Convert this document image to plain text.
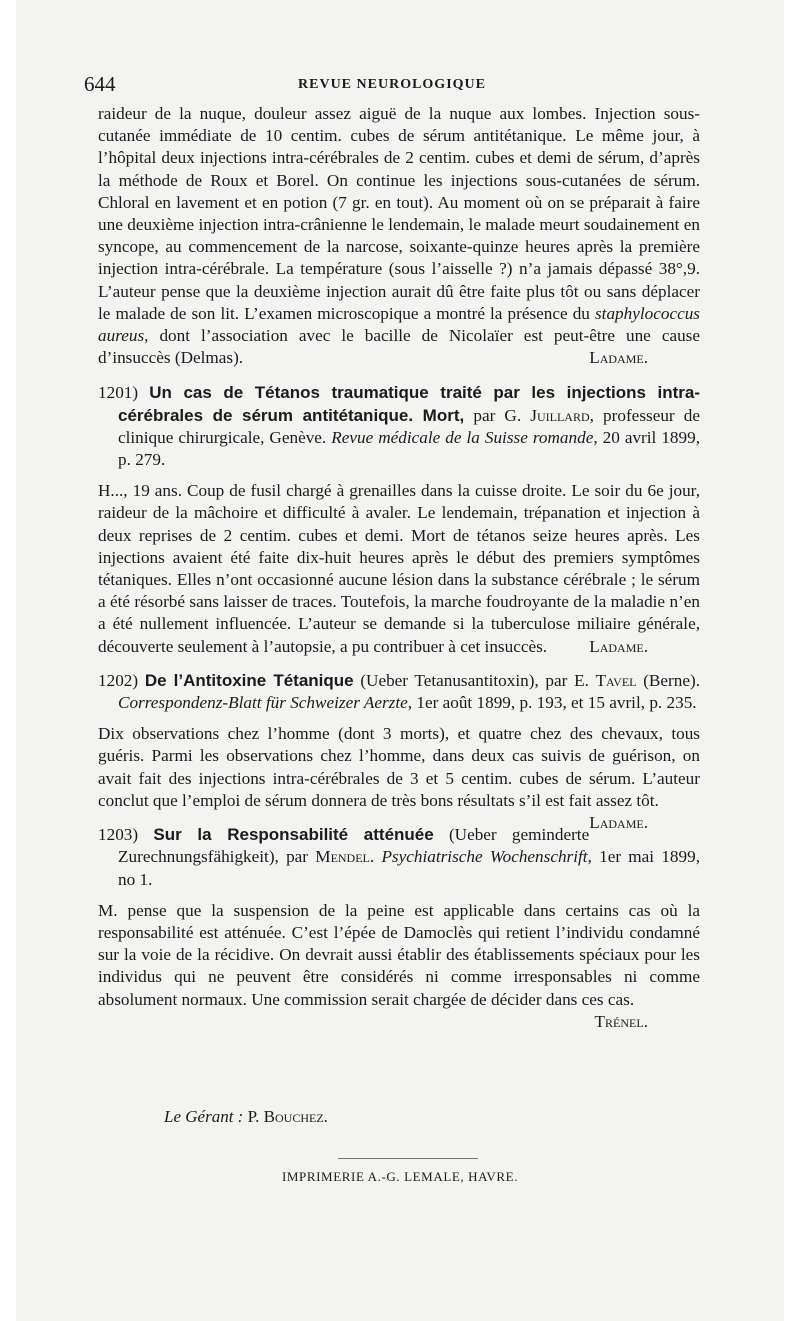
644	REVUE NEUROLOGIQUE

raideur de la nuque, douleur assez aiguë de la nuque aux lombes. Injection sous-cutanée immédiate de 10 centim. cubes de sérum antitétanique. Le même jour, à l’hôpital deux injections intra-cérébrales de 2 centim. cubes et demi de sérum, d’après la méthode de Roux et Borel. On continue les injections sous-cutanées de sérum. Chloral en lavement et en potion (7 gr. en tout). Au moment où on se préparait à faire une deuxième injection intra-crânienne le lendemain, le malade meurt soudainement en syncope, au commencement de la narcose, soixante-quinze heures après la première injection intra-cérébrale. La température (sous l’aisselle ?) n’a jamais dépassé 38°,9. L’auteur pense que la deuxième injection aurait dû être faite plus tôt ou sans déplacer le malade de son lit. L’examen microscopique a montré la présence du staphylococcus aureus, dont l’association avec le bacille de Nicolaïer est peut-être une cause d’insuccès (Delmas).	Ladame.

1201) Un cas de Tétanos traumatique traité par les injections intra-cérébrales de sérum antitétanique. Mort, par G. Juillard, professeur de clinique chirurgicale, Genève. Revue médicale de la Suisse romande, 20 avril 1899, p. 279.

H..., 19 ans. Coup de fusil chargé à grenailles dans la cuisse droite. Le soir du 6e jour, raideur de la mâchoire et difficulté à avaler. Le lendemain, trépanation et injection à deux reprises de 2 centim. cubes et demi. Mort de tétanos seize heures après. Les injections avaient été faite dix-huit heures après le début des premiers symptômes tétaniques. Elles n’ont occasionné aucune lésion dans la substance cérébrale ; le sérum a été résorbé sans laisser de traces. Toutefois, la marche foudroyante de la maladie n’en a été nullement influencée. L’auteur se demande si la tuberculose miliaire générale, découverte seulement à l’autopsie, a pu contribuer à cet insuccès. Ladame.

1202) De l’Antitoxine Tétanique (Ueber Tetanusantitoxin), par E. Tavel (Berne). Correspondenz-Blatt für Schweizer Aerzte, 1er août 1899, p. 193, et 15 avril, p. 235.

Dix observations chez l’homme (dont 3 morts), et quatre chez des chevaux, tous guéris. Parmi les observations chez l’homme, dans deux cas suivis de guérison, on avait fait des injections intra-cérébrales de 3 et 5 centim. cubes de sérum. L’auteur conclut que l’emploi de sérum donnera de très bons résultats s’il est fait assez tôt.
Ladame.

1203) Sur la Responsabilité atténuée (Ueber geminderte Zurechnungsfähigkeit), par Mendel. Psychiatrische Wochenschrift, 1er mai 1899, no 1.

M. pense que la suspension de la peine est applicable dans certains cas où la responsabilité est atténuée. C’est l’épée de Damoclès qui retient l’individu condamné sur la voie de la récidive. On devrait aussi établir des établissements spéciaux pour les individus qui ne peuvent être considérés ni comme irresponsables ni comme absolument normaux. Une commission serait chargée de décider dans ces cas.
Trénel.

Le Gérant : P. Bouchez.
IMPRIMERIE A.-G. LEMALE, HAVRE.
